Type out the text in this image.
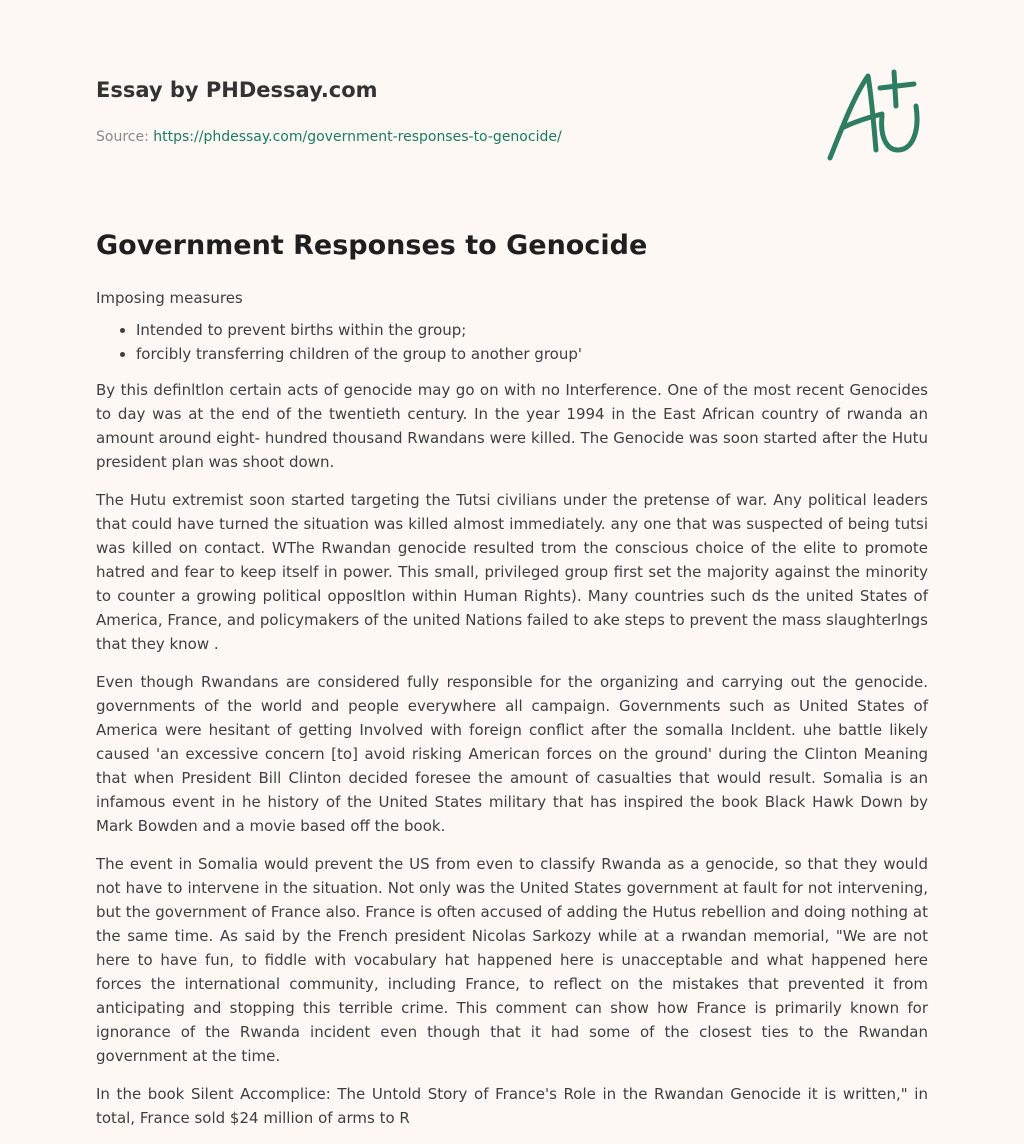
Essay by PHDessay.com
Source: https://phdessay.com/government-responses-to-genocide/
Government Responses to Genocide

Imposing measures

• Intended to prevent births within the group;
• forcibly transferring children of the group to another group'

By this definltlon certain acts of genocide may go on with no Interference. One of the most recent Genocides to day was at the end of the twentieth century. In the year 1994 in the East African country of rwanda an amount around eight- hundred thousand Rwandans were killed. The Genocide was soon started after the Hutu president plan was shoot down.

The Hutu extremist soon started targeting the Tutsi civilians under the pretense of war. Any political leaders that could have turned the situation was killed almost immediately. any one that was suspected of being tutsi was killed on contact. WThe Rwandan genocide resulted trom the conscious choice of the elite to promote hatred and fear to keep itself in power. This small, privileged group first set the majority against the minority to counter a growing political opposltlon within Human Rights). Many countries such ds the united States of America, France, and policymakers of the united Nations failed to ake steps to prevent the mass slaughterlngs that they know .

Even though Rwandans are considered fully responsible for the organizing and carrying out the genocide. governments of the world and people everywhere all campaign. Governments such as United States of America were hesitant of getting Involved with foreign conflict after the somalla Incldent. uhe battle likely caused 'an excessive concern [to] avoid risking American forces on the ground' during the Clinton Meaning that when President Bill Clinton decided foresee the amount of casualties that would result. Somalia is an infamous event in he history of the United States military that has inspired the book Black Hawk Down by Mark Bowden and a movie based off the book.

The event in Somalia would prevent the US from even to classify Rwanda as a genocide, so that they would not have to intervene in the situation. Not only was the United States government at fault for not intervening, but the government of France also. France is often accused of adding the Hutus rebellion and doing nothing at the same time. As said by the French president Nicolas Sarkozy while at a rwandan memorial, "We are not here to have fun, to fiddle with vocabulary hat happened here is unacceptable and what happened here forces the international community, including France, to reflect on the mistakes that prevented it from anticipating and stopping this terrible crime. This comment can show how France is primarily known for ignorance of the Rwanda incident even though that it had some of the closest ties to the Rwandan government at the time.

In the book Silent Accomplice: The Untold Story of France's Role in the Rwandan Genocide it is written," in total, France sold $24 million of arms to R
